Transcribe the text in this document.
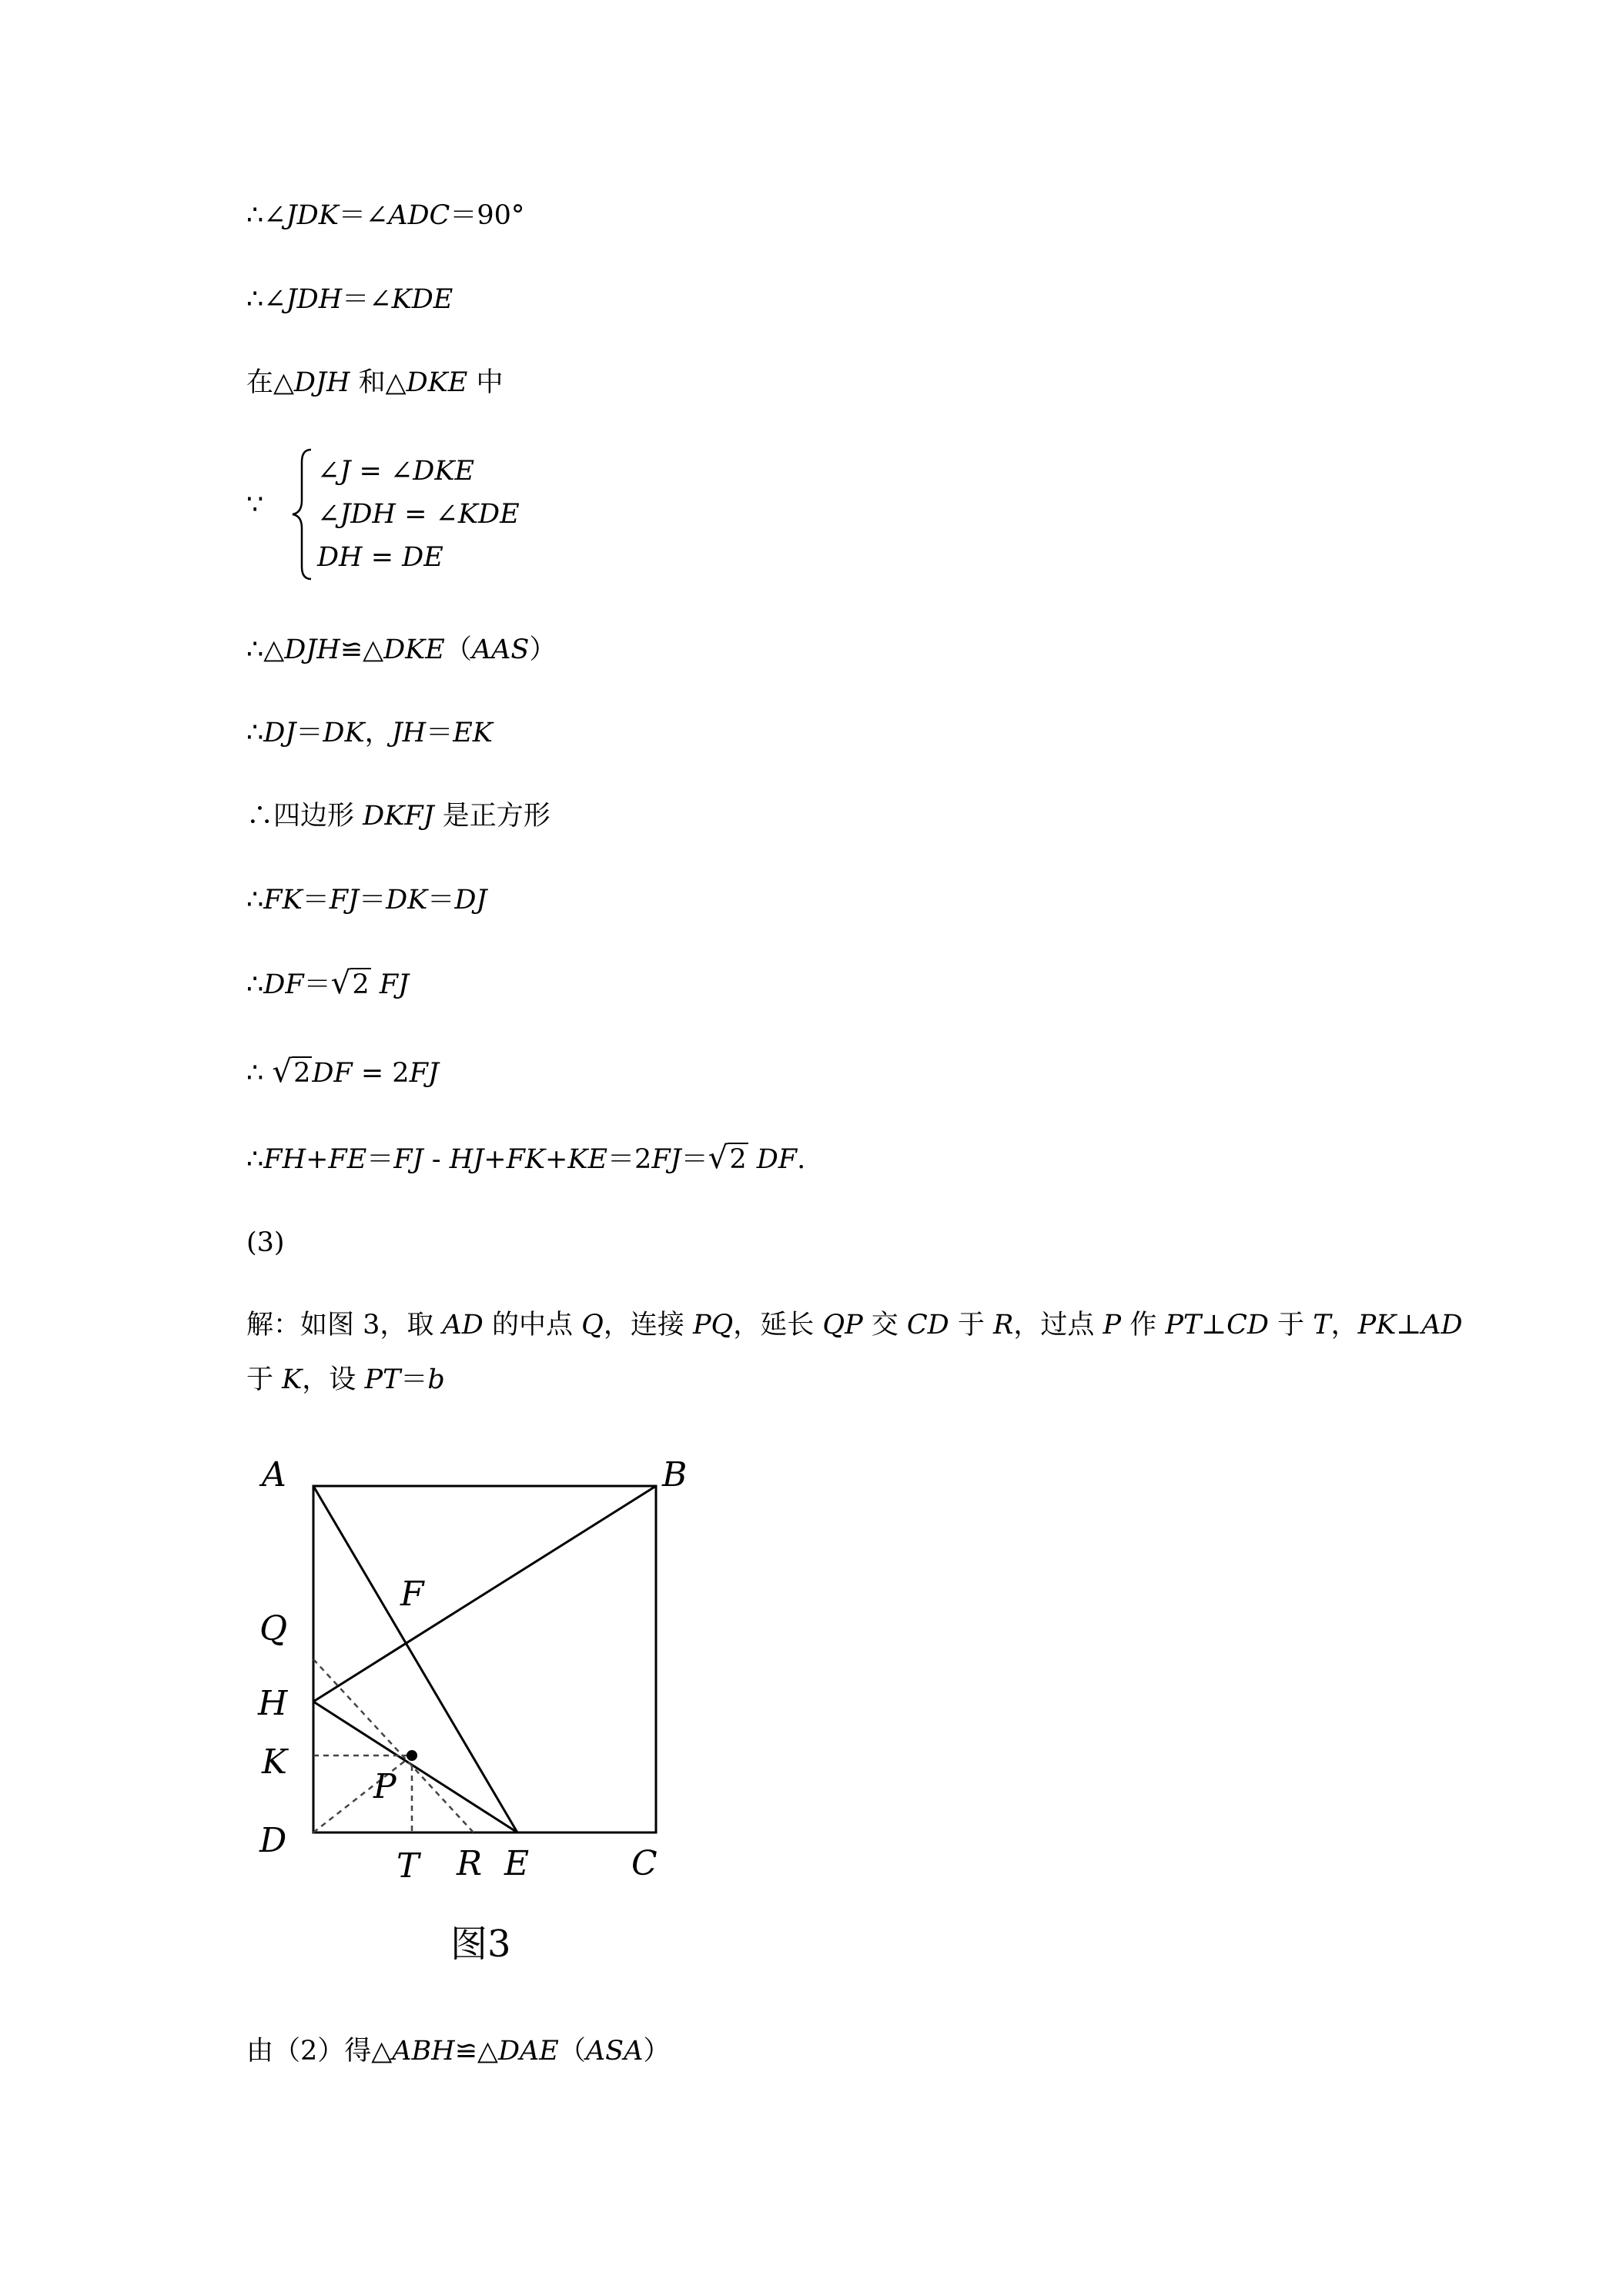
∴∠JDK＝∠ADC＝90°

∴∠JDH＝∠KDE

在△DJH 和△DKE 中

∵
∠J = ∠DKE
∠JDH = ∠KDE
DH = DE

∴△DJH≌△DKE（AAS）

∴DJ＝DK，JH＝EK

∴四边形 DKFJ 是正方形

∴FK＝FJ＝DK＝DJ

∴DF＝√2 FJ

∴ √2DF = 2FJ

∴FH+FE＝FJ - HJ+FK+KE＝2FJ＝√2 DF.

(3)

解：如图 3，取 AD 的中点 Q，连接 PQ，延长 QP 交 CD 于 R，过点 P 作 PT⊥CD 于 T，PK⊥AD

于 K，设 PT＝b

A	B
C
D
E
F
H
K
P
Q
R
T
图3

由（2）得△ABH≌△DAE（ASA）
